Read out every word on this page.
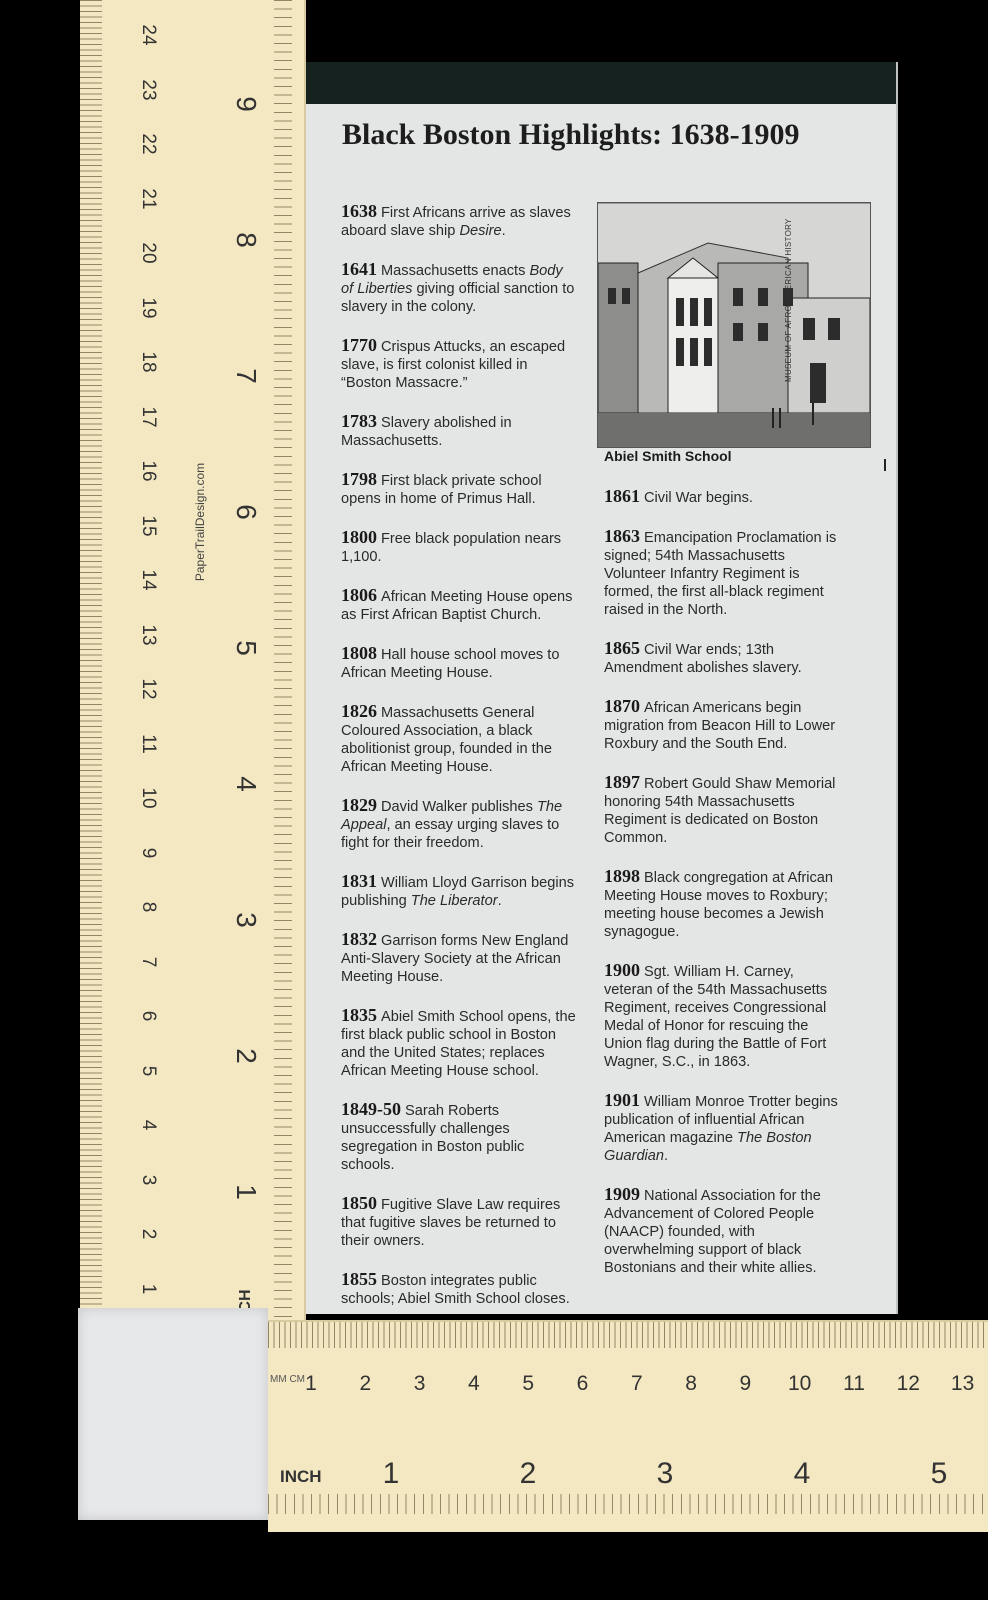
24
23
22
21
20
19
18
17
16
15
14
13
12
11
10
9
8
7
6
5
4
3
2
1
9
8
7
6
5
4
3
2
1
PaperTrailDesign.com
MM CM
INCH
1	2	3	4	5	6	7	8	9	10 11 12 13
1	2	3	4	5
Black Boston Highlights: 1638-1909
1638 First Africans arrive as slaves aboard slave ship Desire.
1641 Massachusetts enacts Body of Liberties giving official sanction to slavery in the colony.
1770 Crispus Attucks, an escaped slave, is first colonist killed in “Boston Massacre.”
1783 Slavery abolished in Massachusetts.
1798 First black private school opens in home of Primus Hall.
1800 Free black population nears 1,100.
1806 African Meeting House opens as First African Baptist Church.
1808 Hall house school moves to African Meeting House.
1826 Massachusetts General Coloured Association, a black abolitionist group, founded in the African Meeting House.
1829 David Walker publishes The Appeal, an essay urging slaves to fight for their freedom.
1831 William Lloyd Garrison begins publishing The Liberator.
1832 Garrison forms New England Anti-Slavery Society at the African Meeting House.
1835 Abiel Smith School opens, the first black public school in Boston and the United States; replaces African Meeting House school.
1849-50 Sarah Roberts unsuccessfully challenges segregation in Boston public schools.
1850 Fugitive Slave Law requires that fugitive slaves be returned to their owners.
1855 Boston integrates public schools; Abiel Smith School closes.
MUSEUM OF AFRO AMERICAN HISTORY
Abiel Smith School
1861 Civil War begins.
1863 Emancipation Proclamation is signed; 54th Massachusetts Volunteer Infantry Regiment is formed, the first all-black regiment raised in the North.
1865 Civil War ends; 13th Amendment abolishes slavery.
1870 African Americans begin migration from Beacon Hill to Lower Roxbury and the South End.
1897 Robert Gould Shaw Memorial honoring 54th Massachusetts Regiment is dedicated on Boston Common.
1898 Black congregation at African Meeting House moves to Roxbury; meeting house becomes a Jewish synagogue.
1900 Sgt. William H. Carney, veteran of the 54th Massachusetts Regiment, receives Congressional Medal of Honor for rescuing the Union flag during the Battle of Fort Wagner, S.C., in 1863.
1901 William Monroe Trotter begins publication of influential African American magazine The Boston Guardian.
1909 National Association for the Advancement of Colored People (NAACP) founded, with overwhelming support of black Bostonians and their white allies.
